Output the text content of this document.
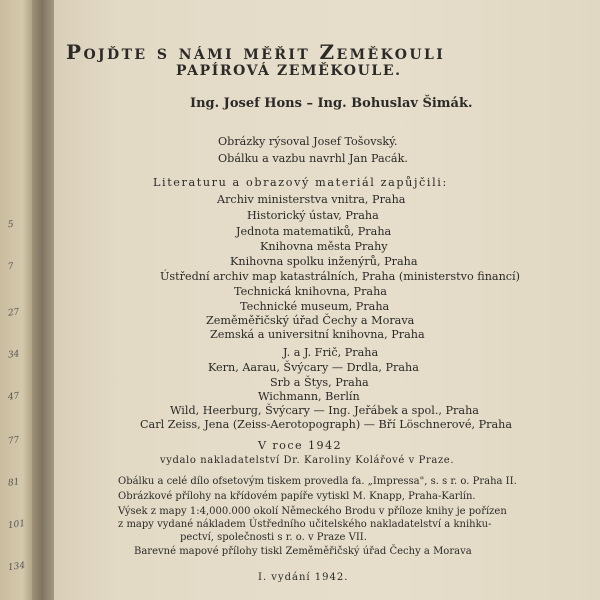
5
7
27
34
47
77
81
101
134
Pojďte s námi měřit Zeměkouli
PAPÍROVÁ ZEMĚKOULE.
Ing. Josef Hons – Ing. Bohuslav Šimák.
Obrázky rýsoval Josef Tošovský.
Obálku a vazbu navrhl Jan Pacák.
Literaturu a obrazový materiál zapůjčili:
Archiv ministerstva vnitra, Praha
Historický ústav, Praha
Jednota matematiků, Praha
Knihovna města Prahy
Knihovna spolku inženýrů, Praha
Ústřední archiv map katastrálních, Praha (ministerstvo financí)
Technická knihovna, Praha
Technické museum, Praha
Zeměměřičský úřad Čechy a Morava
Zemská a universitní knihovna, Praha
J. a J. Frič, Praha
Kern, Aarau, Švýcary — Drdla, Praha
Srb a Štys, Praha
Wichmann, Berlín
Wild, Heerburg, Švýcary — Ing. Jeřábek a spol., Praha
Carl Zeiss, Jena (Zeiss-Aerotopograph) — Bří Löschnerové, Praha
V roce 1942
vydalo nakladatelství Dr. Karoliny Kolářové v Praze.
Obálku a celé dílo ofsetovým tiskem provedla fa. „Impressa", s. s r. o. Praha II.
Obrázkové přílohy na křídovém papíře vytiskl M. Knapp, Praha-Karlín.
Výsek z mapy 1:4,000.000 okolí Německého Brodu v příloze knihy je pořízen
z mapy vydané nákladem Ústředního učitelského nakladatelství a knihku-
pectví, společnosti s r. o. v Praze VII.
Barevné mapové přílohy tiskl Zeměměřičský úřad Čechy a Morava
I. vydání 1942.
